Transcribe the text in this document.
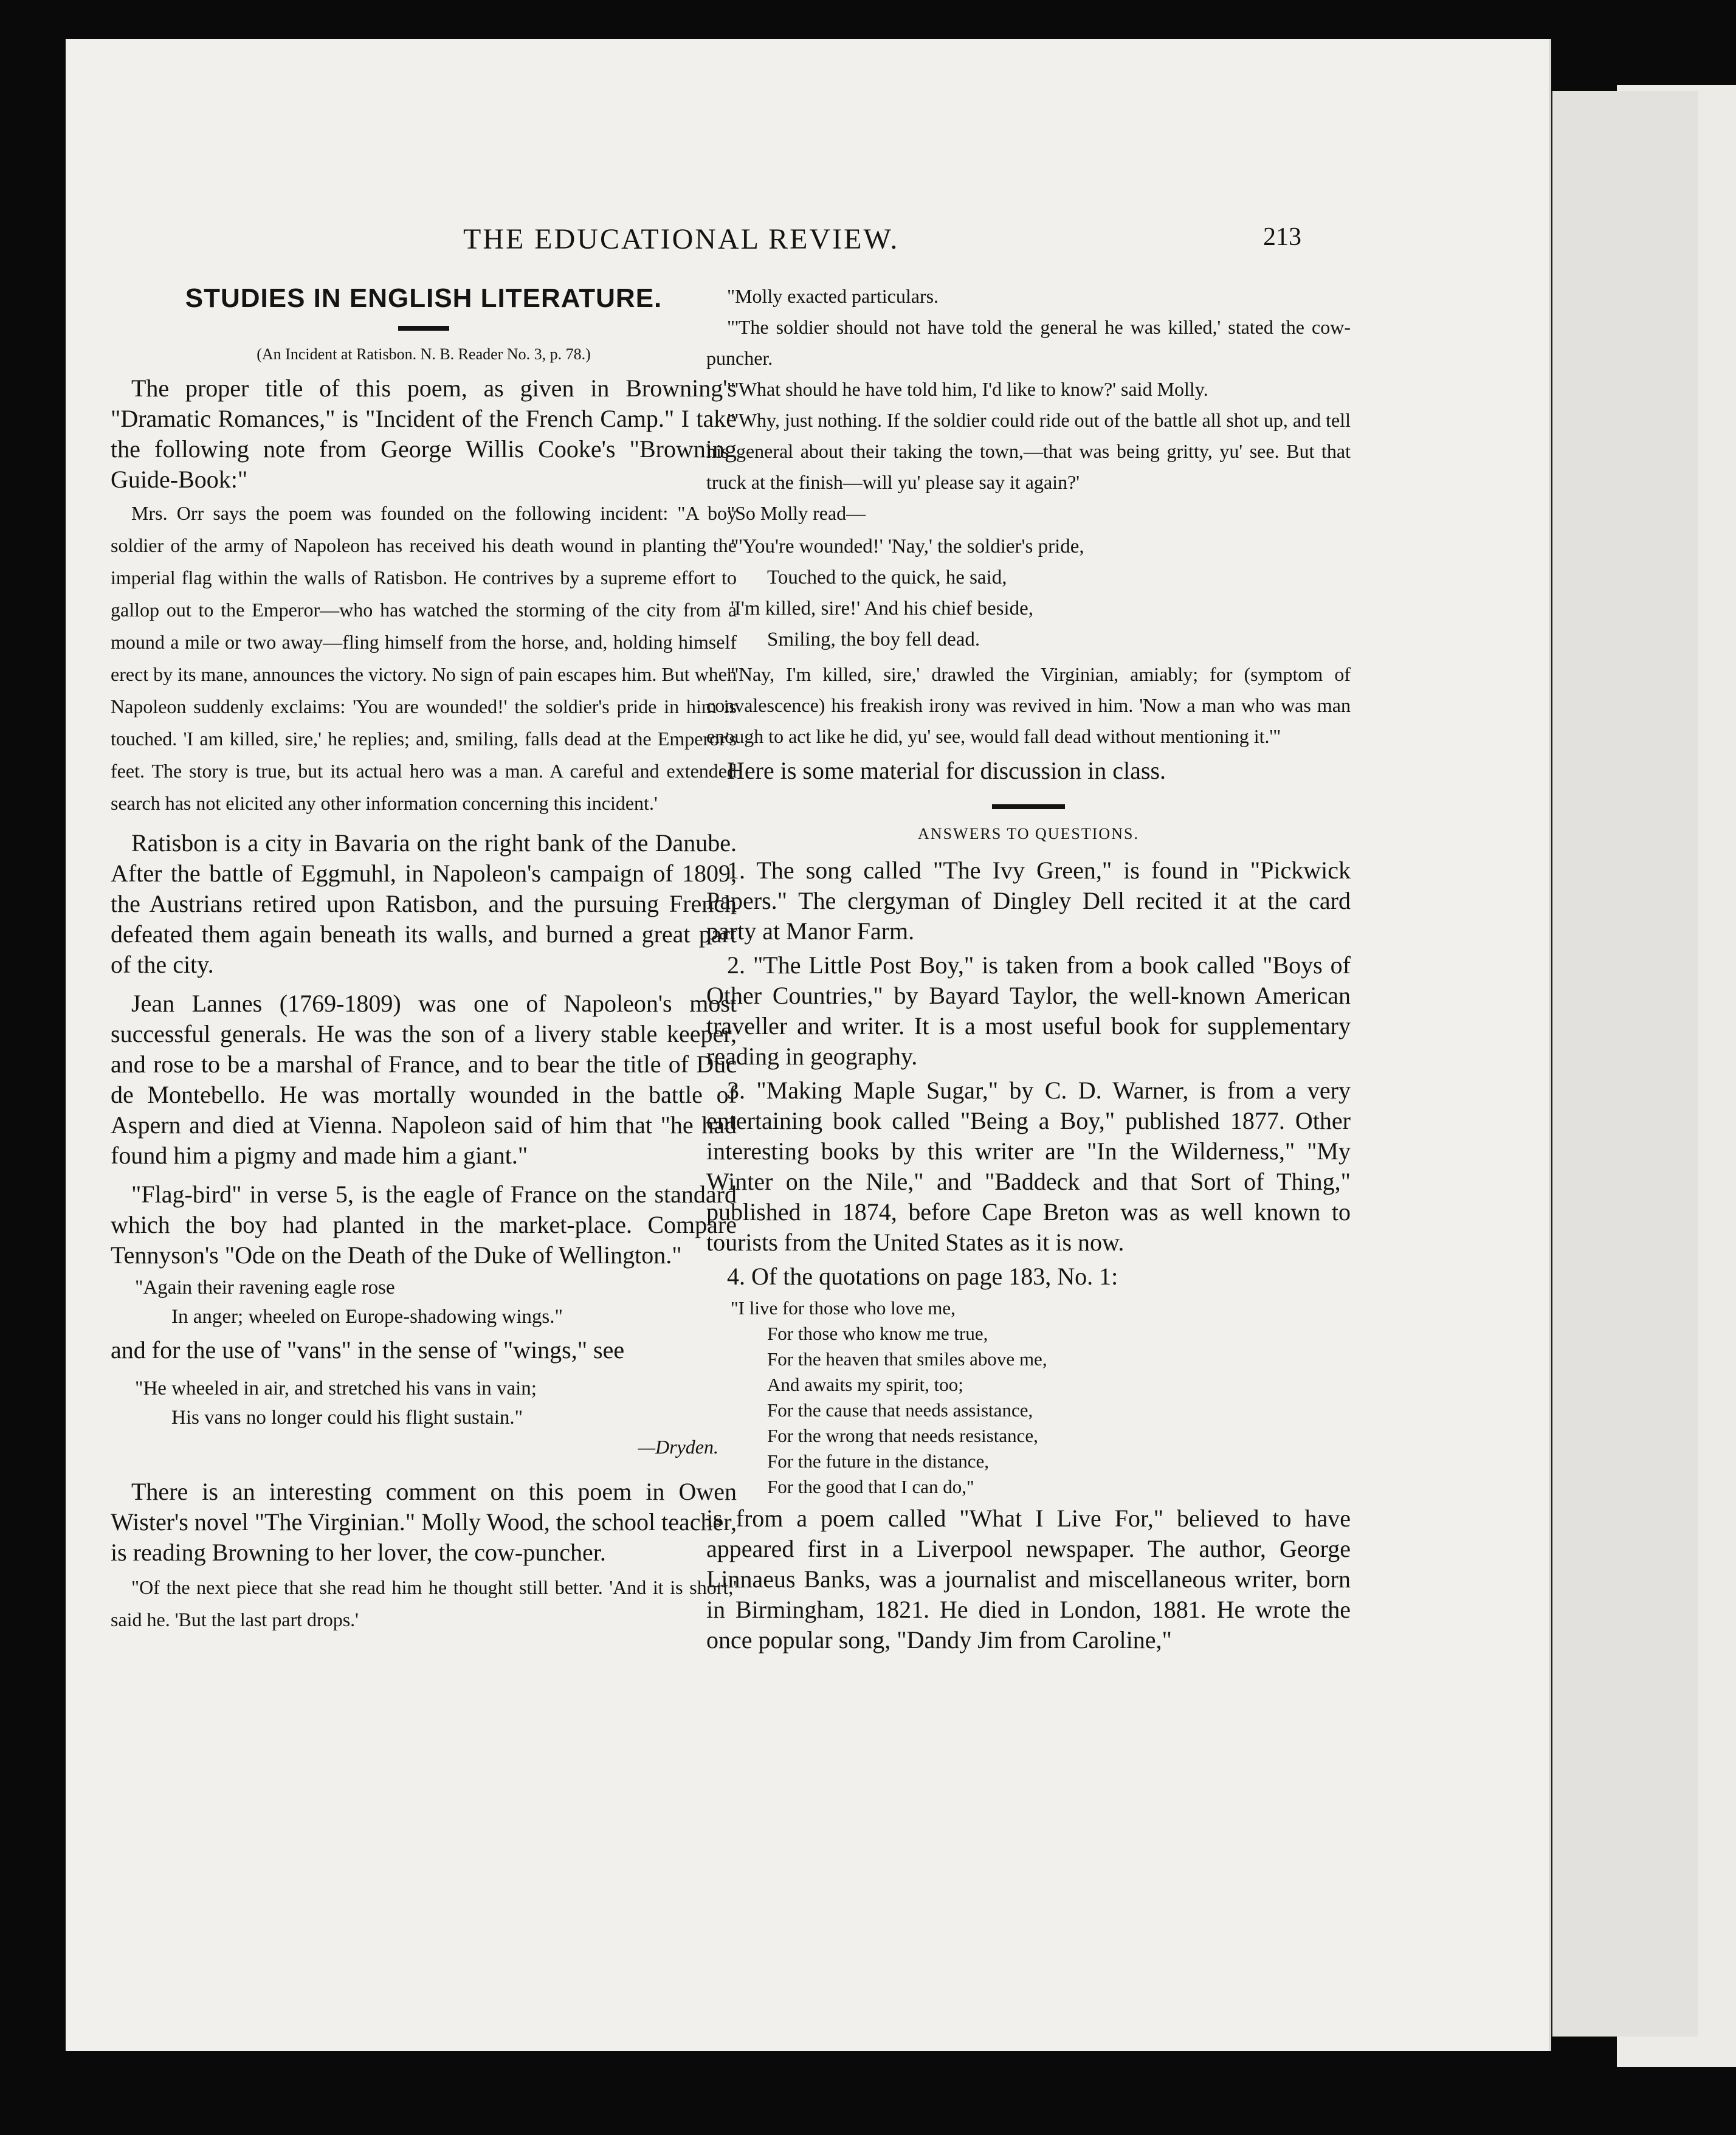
THE EDUCATIONAL REVIEW.	213
STUDIES IN ENGLISH LITERATURE.
(An Incident at Ratisbon. N. B. Reader No. 3, p. 78.)

The proper title of this poem, as given in Browning's "Dramatic Romances," is "Incident of the French Camp." I take the following note from George Willis Cooke's "Browning Guide-Book:"

Mrs. Orr says the poem was founded on the following incident: "A boy soldier of the army of Napoleon has received his death wound in planting the imperial flag within the walls of Ratisbon. He contrives by a supreme effort to gallop out to the Emperor—who has watched the storming of the city from a mound a mile or two away—fling himself from the horse, and, holding himself erect by its mane, announces the victory. No sign of pain escapes him. But when Napoleon suddenly exclaims: 'You are wounded!' the soldier's pride in him is touched. 'I am killed, sire,' he replies; and, smiling, falls dead at the Emperor's feet. The story is true, but its actual hero was a man. A careful and extended search has not elicited any other information concerning this incident.'

Ratisbon is a city in Bavaria on the right bank of the Danube. After the battle of Eggmuhl, in Napoleon's campaign of 1809, the Austrians retired upon Ratisbon, and the pursuing French defeated them again beneath its walls, and burned a great part of the city.

Jean Lannes (1769-1809) was one of Napoleon's most successful generals. He was the son of a livery stable keeper, and rose to be a marshal of France, and to bear the title of Duc de Montebello. He was mortally wounded in the battle of Aspern and died at Vienna. Napoleon said of him that "he had found him a pigmy and made him a giant."

"Flag-bird" in verse 5, is the eagle of France on the standard which the boy had planted in the market-place. Compare Tennyson's "Ode on the Death of the Duke of Wellington."

"Again their ravening eagle rose
In anger; wheeled on Europe-shadowing wings."

and for the use of "vans" in the sense of "wings," see

"He wheeled in air, and stretched his vans in vain;
His vans no longer could his flight sustain."
—Dryden.

There is an interesting comment on this poem in Owen Wister's novel "The Virginian." Molly Wood, the school teacher, is reading Browning to her lover, the cow-puncher.

"Of the next piece that she read him he thought still better. 'And it is short,' said he. 'But the last part drops.'

"Molly exacted particulars.

"'The soldier should not have told the general he was killed,' stated the cow-puncher.

"'What should he have told him, I'd like to know?' said Molly.

"'Why, just nothing. If the soldier could ride out of the battle all shot up, and tell his general about their taking the town,—that was being gritty, yu' see. But that truck at the finish—will yu' please say it again?'

"So Molly read—

"'You're wounded!' 'Nay,' the soldier's pride,
Touched to the quick, he said,
'I'm killed, sire!' And his chief beside,
Smiling, the boy fell dead.

"'Nay, I'm killed, sire,' drawled the Virginian, amiably; for (symptom of convalescence) his freakish irony was revived in him. 'Now a man who was man enough to act like he did, yu' see, would fall dead without mentioning it.'"

Here is some material for discussion in class.

ANSWERS TO QUESTIONS.

1. The song called "The Ivy Green," is found in "Pickwick Papers." The clergyman of Dingley Dell recited it at the card party at Manor Farm.

2. "The Little Post Boy," is taken from a book called "Boys of Other Countries," by Bayard Taylor, the well-known American traveller and writer. It is a most useful book for supplementary reading in geography.

3. "Making Maple Sugar," by C. D. Warner, is from a very entertaining book called "Being a Boy," published 1877. Other interesting books by this writer are "In the Wilderness," "My Winter on the Nile," and "Baddeck and that Sort of Thing," published in 1874, before Cape Breton was as well known to tourists from the United States as it is now.

4. Of the quotations on page 183, No. 1:

"I live for those who love me,
For those who know me true,
For the heaven that smiles above me,
And awaits my spirit, too;
For the cause that needs assistance,
For the wrong that needs resistance,
For the future in the distance,
For the good that I can do,"

is from a poem called "What I Live For," believed to have appeared first in a Liverpool newspaper. The author, George Linnaeus Banks, was a journalist and miscellaneous writer, born in Birmingham, 1821. He died in London, 1881. He wrote the once popular song, "Dandy Jim from Caroline,"
